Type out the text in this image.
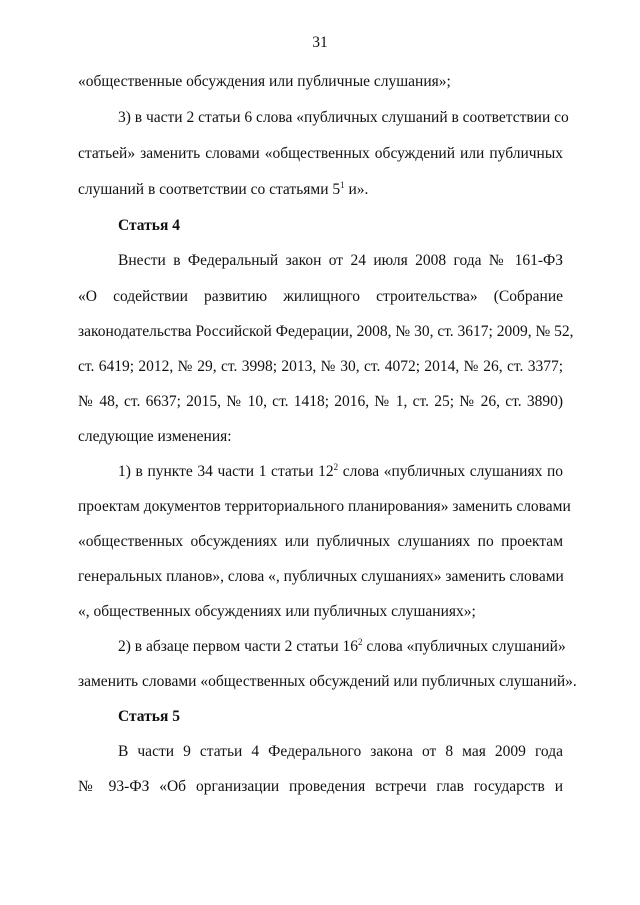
31
«общественные обсуждения или публичные слушания»;
3) в части 2 статьи 6 слова «публичных слушаний в соответствии со
статьей» заменить словами «общественных обсуждений или публичных
слушаний в соответствии со статьями $5^1$ и».
Статья 4
Внести в Федеральный закон от 24 июля 2008 года № 161-ФЗ
«О содействии развитию жилищного строительства» (Собрание
законодательства Российской Федерации, 2008, № 30, ст. 3617; 2009, № 52,
ст. 6419; 2012, № 29, ст. 3998; 2013, № 30, ст. 4072; 2014, № 26, ст. 3377;
№ 48, ст. 6637; 2015, № 10, ст. 1418; 2016, № 1, ст. 25; № 26, ст. 3890)
следующие изменения:
1) в пункте 34 части 1 статьи $12^2$ слова «публичных слушаниях по
проектам документов территориального планирования» заменить словами
«общественных обсуждениях или публичных слушаниях по проектам
генеральных планов», слова «, публичных слушаниях» заменить словами
«, общественных обсуждениях или публичных слушаниях»;
2) в абзаце первом части 2 статьи $16^2$ слова «публичных слушаний»
заменить словами «общественных обсуждений или публичных слушаний».
Статья 5
В части 9 статьи 4 Федерального закона от 8 мая 2009 года
№ 93-ФЗ «Об организации проведения встречи глав государств и
